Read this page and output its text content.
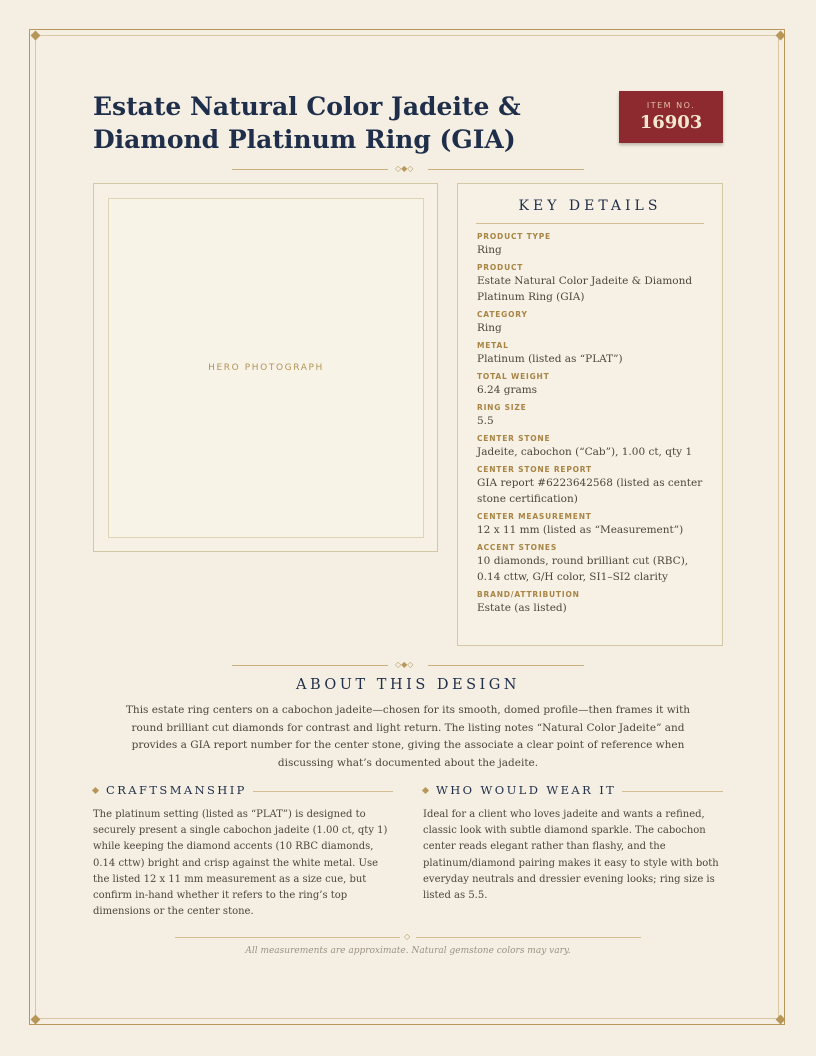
Estate Natural Color Jadeite & Diamond Platinum Ring (GIA)
ITEM NO.
16903
◇◆◇
HERO PHOTOGRAPH
KEY DETAILS
PRODUCT TYPE
Ring
PRODUCT
Estate Natural Color Jadeite & Diamond Platinum Ring (GIA)
CATEGORY
Ring
METAL
Platinum (listed as “PLAT”)
TOTAL WEIGHT
6.24 grams
RING SIZE
5.5
CENTER STONE
Jadeite, cabochon (“Cab”), 1.00 ct, qty 1
CENTER STONE REPORT
GIA report #6223642568 (listed as center stone certification)
CENTER MEASUREMENT
12 x 11 mm (listed as “Measurement”)
ACCENT STONES
10 diamonds, round brilliant cut (RBC), 0.14 cttw, G/H color, SI1–SI2 clarity
BRAND/ATTRIBUTION
Estate (as listed)
◇◆◇
ABOUT THIS DESIGN

This estate ring centers on a cabochon jadeite—chosen for its smooth, domed profile—then frames it with round brilliant cut diamonds for contrast and light return. The listing notes “Natural Color Jadeite” and provides a GIA report number for the center stone, giving the associate a clear point of reference when discussing what’s documented about the jadeite.

CRAFTSMANSHIP

The platinum setting (listed as “PLAT”) is designed to securely present a single cabochon jadeite (1.00 ct, qty 1) while keeping the diamond accents (10 RBC diamonds, 0.14 cttw) bright and crisp against the white metal. Use the listed 12 x 11 mm measurement as a size cue, but confirm in-hand whether it refers to the ring’s top dimensions or the center stone.

WHO WOULD WEAR IT

Ideal for a client who loves jadeite and wants a refined, classic look with subtle diamond sparkle. The cabochon center reads elegant rather than flashy, and the platinum/diamond pairing makes it easy to style with both everyday neutrals and dressier evening looks; ring size is listed as 5.5.

◇

All measurements are approximate. Natural gemstone colors may vary.
